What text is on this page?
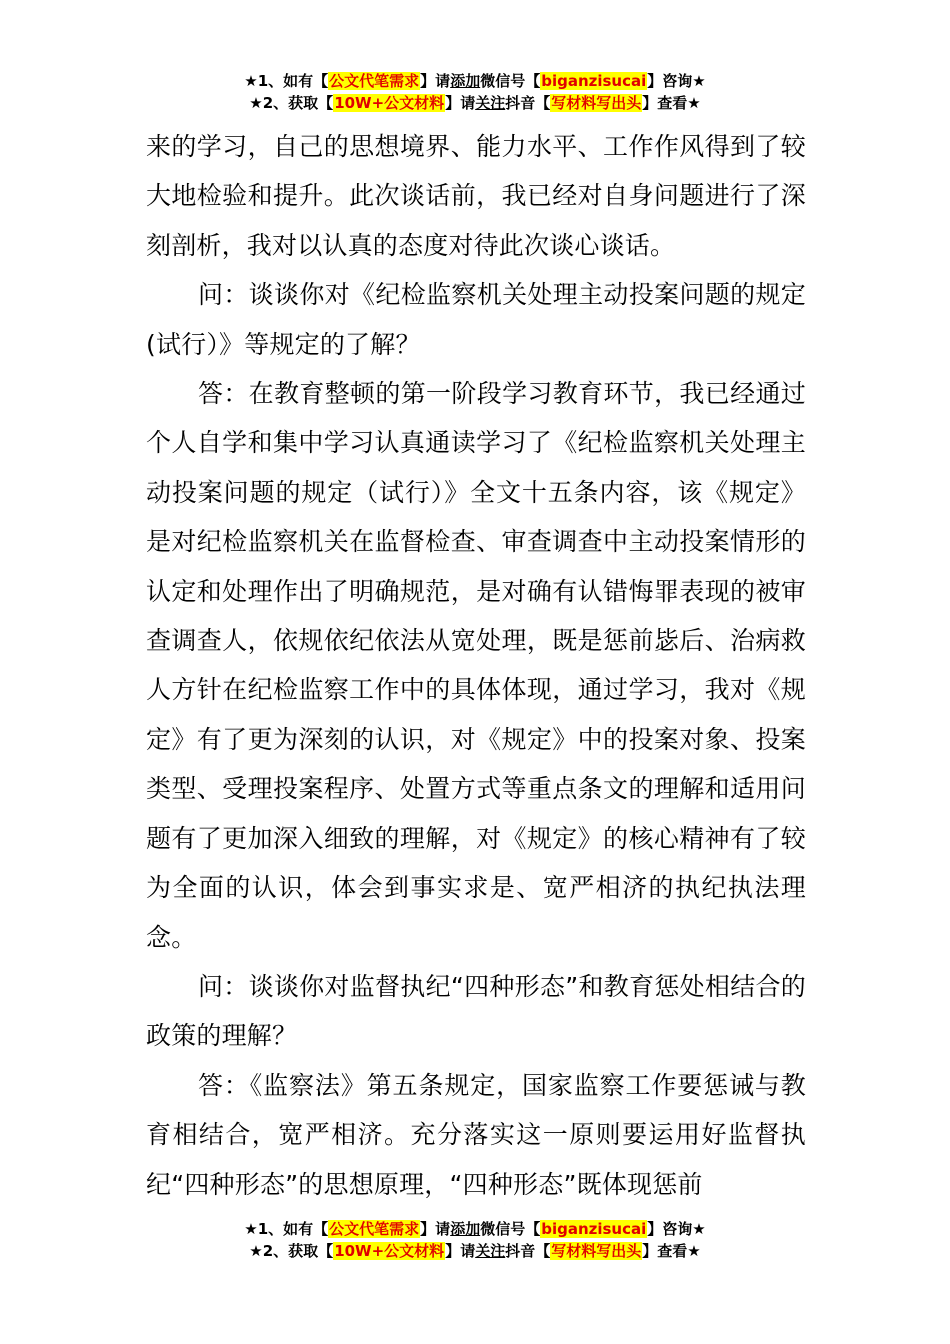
★1、如有【公文代笔需求】请添加微信号【biganzisucai】咨询★
★2、获取【10W+公文材料】请关注抖音【写材料写出头】查看★

来的学习，自己的思想境界、能力水平、工作作风得到了较大地检验和提升。此次谈话前，我已经对自身问题进行了深刻剖析，我对以认真的态度对待此次谈心谈话。

问：谈谈你对《纪检监察机关处理主动投案问题的规定(试行）》等规定的了解？

答：在教育整顿的第一阶段学习教育环节，我已经通过个人自学和集中学习认真通读学习了《纪检监察机关处理主动投案问题的规定（试行）》全文十五条内容，该《规定》是对纪检监察机关在监督检查、审查调查中主动投案情形的认定和处理作出了明确规范，是对确有认错悔罪表现的被审查调查人，依规依纪依法从宽处理，既是惩前毖后、治病救人方针在纪检监察工作中的具体体现，通过学习，我对《规定》有了更为深刻的认识，对《规定》中的投案对象、投案类型、受理投案程序、处置方式等重点条文的理解和适用问题有了更加深入细致的理解，对《规定》的核心精神有了较为全面的认识，体会到事实求是、宽严相济的执纪执法理念。

问：谈谈你对监督执纪“四种形态”和教育惩处相结合的政策的理解？

答：《监察法》第五条规定，国家监察工作要惩诫与教育相结合，宽严相济。充分落实这一原则要运用好监督执纪“四种形态”的思想原理，“四种形态”既体现惩前

★1、如有【公文代笔需求】请添加微信号【biganzisucai】咨询★
★2、获取【10W+公文材料】请关注抖音【写材料写出头】查看★
